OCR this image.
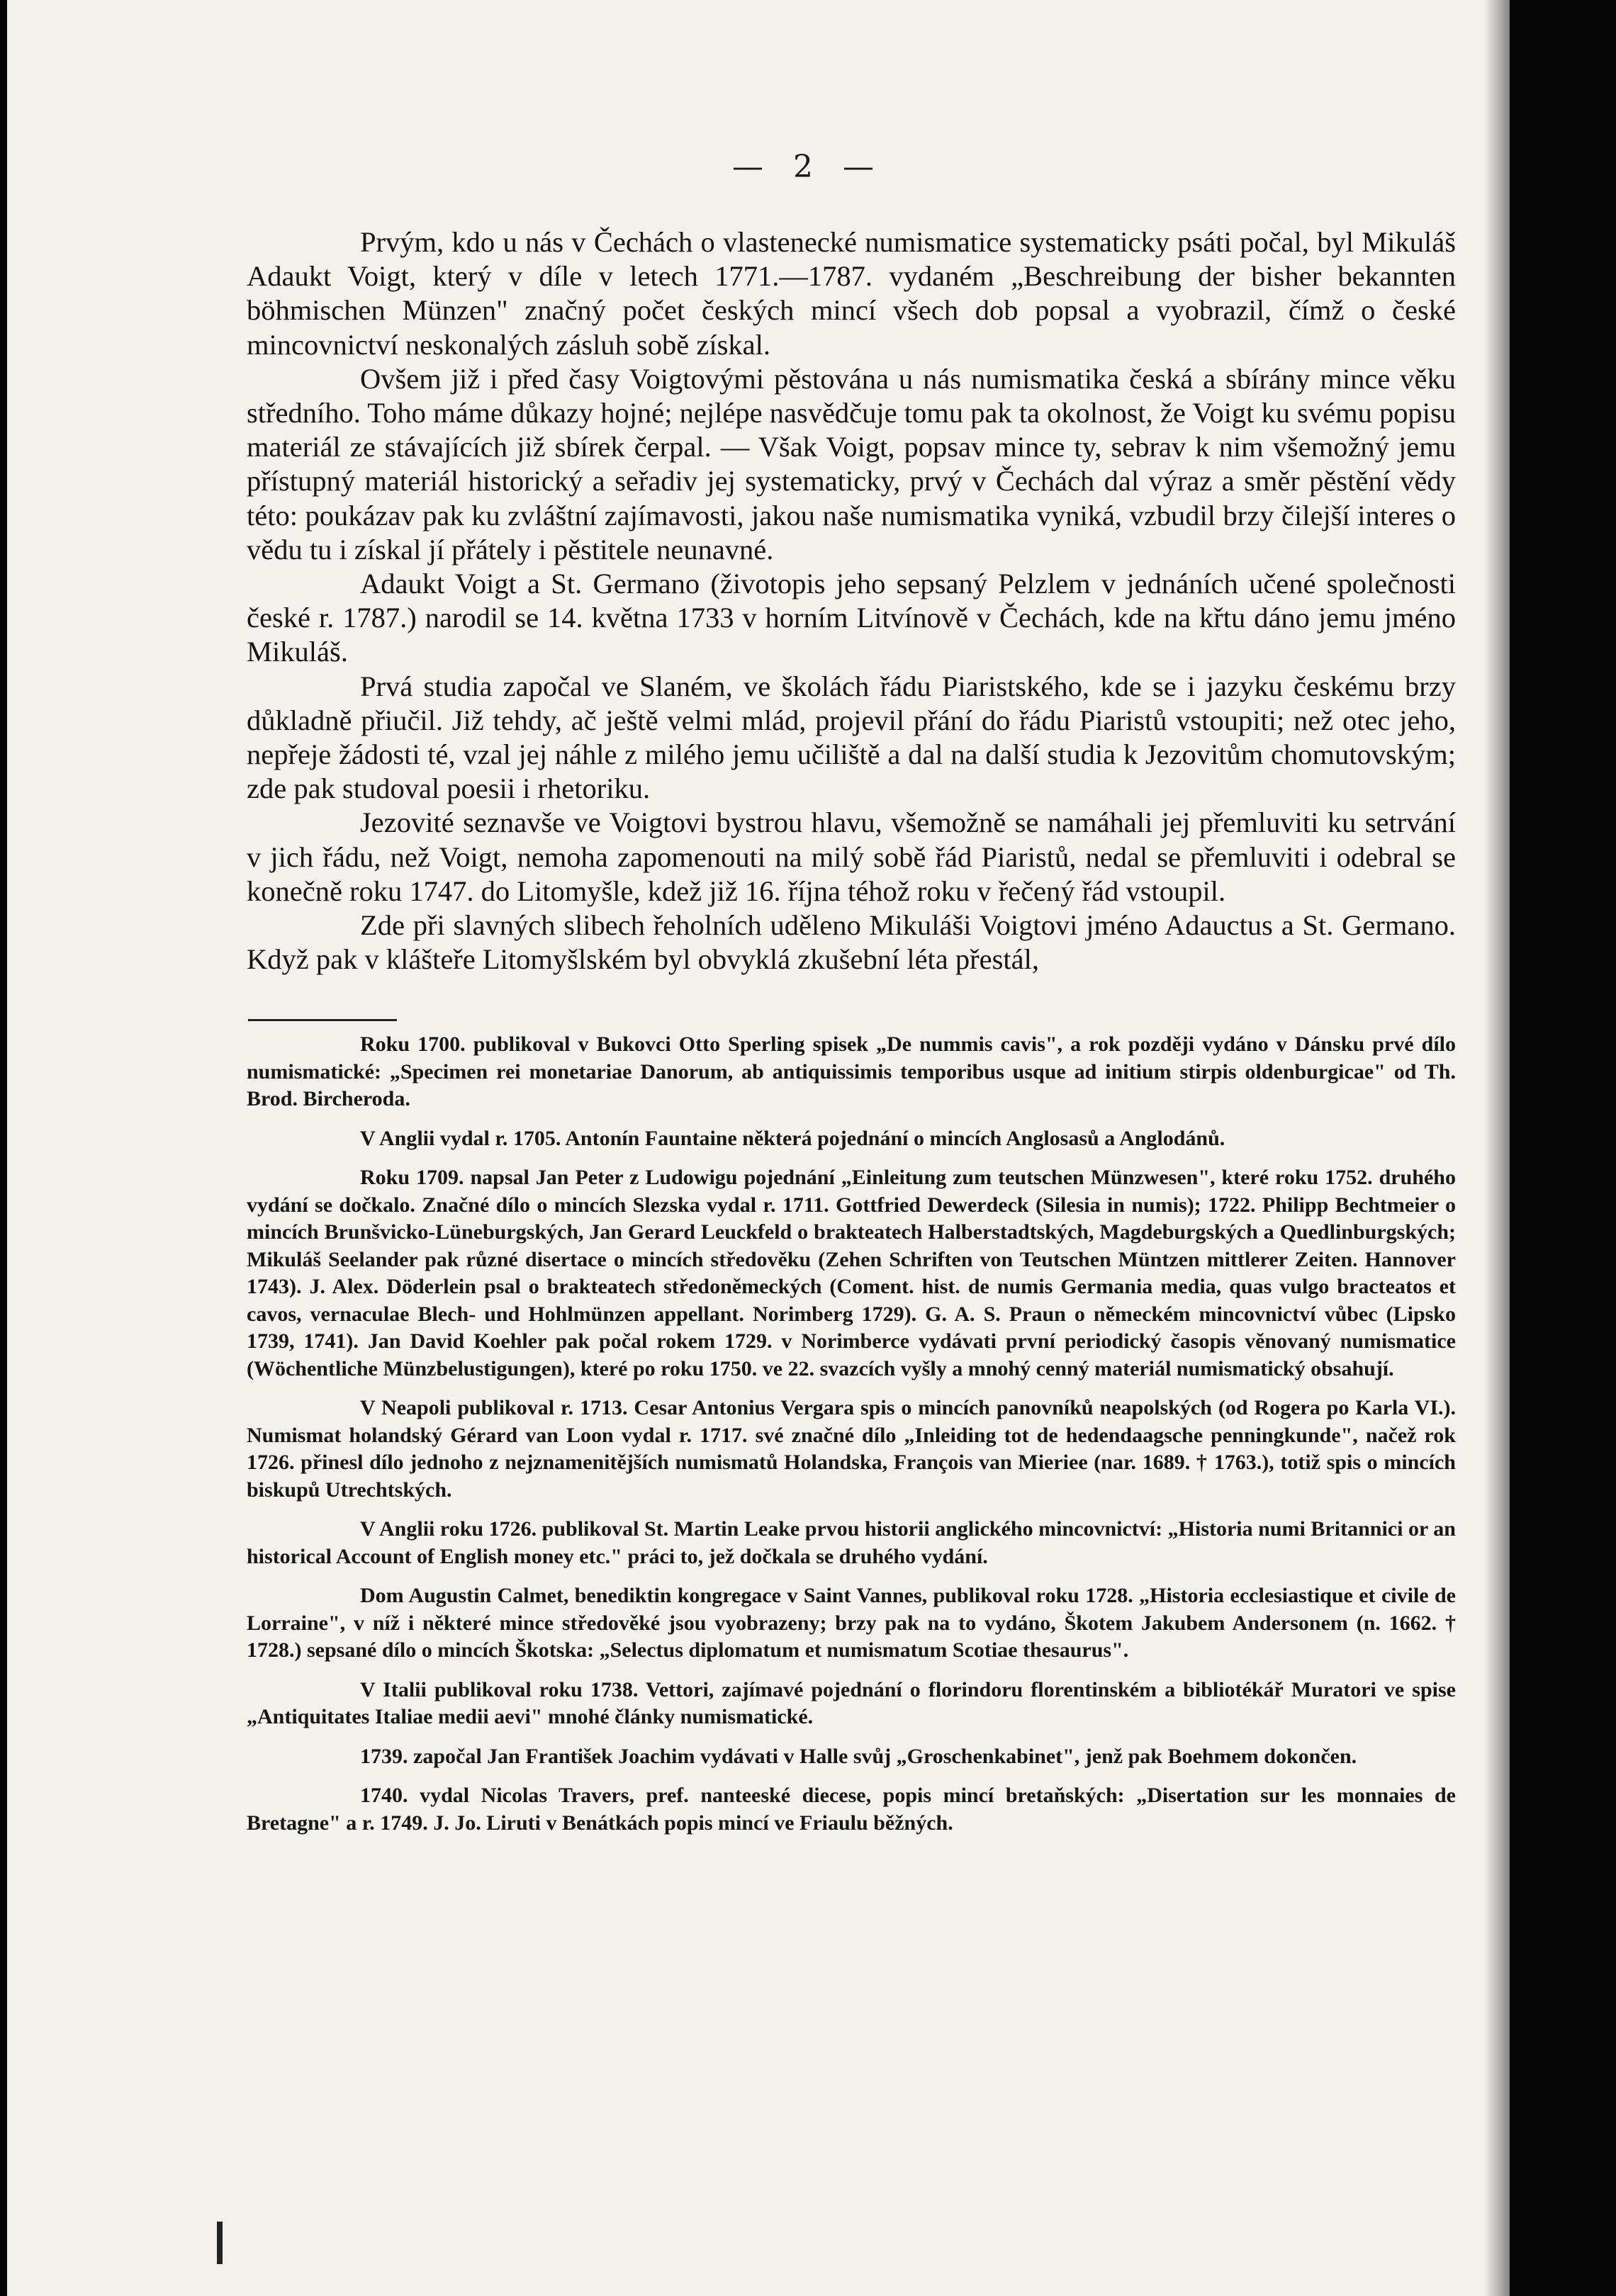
— 2 —

Prvým, kdo u nás v Čechách o vlastenecké numismatice systematicky psáti počal, byl Mikuláš Adaukt Voigt, který v díle v letech 1771.—1787. vydaném „Beschreibung der bisher bekannten böhmischen Münzen" značný počet českých mincí všech dob popsal a vyobrazil, čímž o české mincovnictví neskonalých zásluh sobě získal.

Ovšem již i před časy Voigtovými pěstována u nás numismatika česká a sbírány mince věku středního. Toho máme důkazy hojné; nejlépe nasvědčuje tomu pak ta okolnost, že Voigt ku svému popisu materiál ze stávajících již sbírek čerpal. — Však Voigt, popsav mince ty, sebrav k nim všemožný jemu přístupný materiál historický a seřadiv jej systematicky, prvý v Čechách dal výraz a směr pěstění vědy této: poukázav pak ku zvláštní zajímavosti, jakou naše numismatika vyniká, vzbudil brzy čilejší interes o vědu tu i získal jí přátely i pěstitele neunavné.

Adaukt Voigt a St. Germano (životopis jeho sepsaný Pelzlem v jednáních učené společnosti české r. 1787.) narodil se 14. května 1733 v horním Litvínově v Čechách, kde na křtu dáno jemu jméno Mikuláš.

Prvá studia započal ve Slaném, ve školách řádu Piaristského, kde se i jazyku českému brzy důkladně přiučil. Již tehdy, ač ještě velmi mlád, projevil přání do řádu Piaristů vstoupiti; než otec jeho, nepřeje žádosti té, vzal jej náhle z milého jemu učiliště a dal na další studia k Jezovitům chomutovským; zde pak studoval poesii i rhetoriku.

Jezovité seznavše ve Voigtovi bystrou hlavu, všemožně se namáhali jej přemluviti ku setrvání v jich řádu, než Voigt, nemoha zapomenouti na milý sobě řád Piaristů, nedal se přemluviti i odebral se konečně roku 1747. do Litomyšle, kdež již 16. října téhož roku v řečený řád vstoupil.

Zde při slavných slibech řeholních uděleno Mikuláši Voigtovi jméno Adauctus a St. Germano. Když pak v klášteře Litomyšlském byl obvyklá zkušební léta přestál,

Roku 1700. publikoval v Bukovci Otto Sperling spisek „De nummis cavis", a rok později vydáno v Dánsku prvé dílo numismatické: „Specimen rei monetariae Danorum, ab antiquissimis temporibus usque ad initium stirpis oldenburgicae" od Th. Brod. Bircheroda.

V Anglii vydal r. 1705. Antonín Fauntaine některá pojednání o mincích Anglosasů a Anglodánů.

Roku 1709. napsal Jan Peter z Ludowigu pojednání „Einleitung zum teutschen Münzwesen", které roku 1752. druhého vydání se dočkalo. Značné dílo o mincích Slezska vydal r. 1711. Gottfried Dewerdeck (Silesia in numis); 1722. Philipp Bechtmeier o mincích Brunšvicko-Lüneburgských, Jan Gerard Leuckfeld o brakteatech Halberstadtských, Magdeburgských a Quedlinburgských; Mikuláš Seelander pak různé disertace o mincích středověku (Zehen Schriften von Teutschen Müntzen mittlerer Zeiten. Hannover 1743). J. Alex. Döderlein psal o brakteatech středoněmeckých (Coment. hist. de numis Germania media, quas vulgo bracteatos et cavos, vernaculae Blech- und Hohlmünzen appellant. Norimberg 1729). G. A. S. Praun o německém mincovnictví vůbec (Lipsko 1739, 1741). Jan David Koehler pak počal rokem 1729. v Norimberce vydávati první periodický časopis věnovaný numismatice (Wöchentliche Münzbelustigungen), které po roku 1750. ve 22. svazcích vyšly a mnohý cenný materiál numismatický obsahují.

V Neapoli publikoval r. 1713. Cesar Antonius Vergara spis o mincích panovníků neapolských (od Rogera po Karla VI.). Numismat holandský Gérard van Loon vydal r. 1717. své značné dílo „Inleiding tot de hedendaagsche penningkunde", načež rok 1726. přinesl dílo jednoho z nejznamenitějších numismatů Holandska, François van Mieriee (nar. 1689. † 1763.), totiž spis o mincích biskupů Utrechtských.

V Anglii roku 1726. publikoval St. Martin Leake prvou historii anglického mincovnictví: „Historia numi Britannici or an historical Account of English money etc." práci to, jež dočkala se druhého vydání.

Dom Augustin Calmet, benediktin kongregace v Saint Vannes, publikoval roku 1728. „Historia ecclesiastique et civile de Lorraine", v níž i některé mince středověké jsou vyobrazeny; brzy pak na to vydáno, Škotem Jakubem Andersonem (n. 1662. † 1728.) sepsané dílo o mincích Škotska: „Selectus diplomatum et numismatum Scotiae thesaurus".

V Italii publikoval roku 1738. Vettori, zajímavé pojednání o florindoru florentinském a bibliotékář Muratori ve spise „Antiquitates Italiae medii aevi" mnohé články numismatické.

1739. započal Jan František Joachim vydávati v Halle svůj „Groschenkabinet", jenž pak Boehmem dokončen.

1740. vydal Nicolas Travers, pref. nanteeské diecese, popis mincí bretaňských: „Disertation sur les monnaies de Bretagne" a r. 1749. J. Jo. Liruti v Benátkách popis mincí ve Friaulu běžných.
